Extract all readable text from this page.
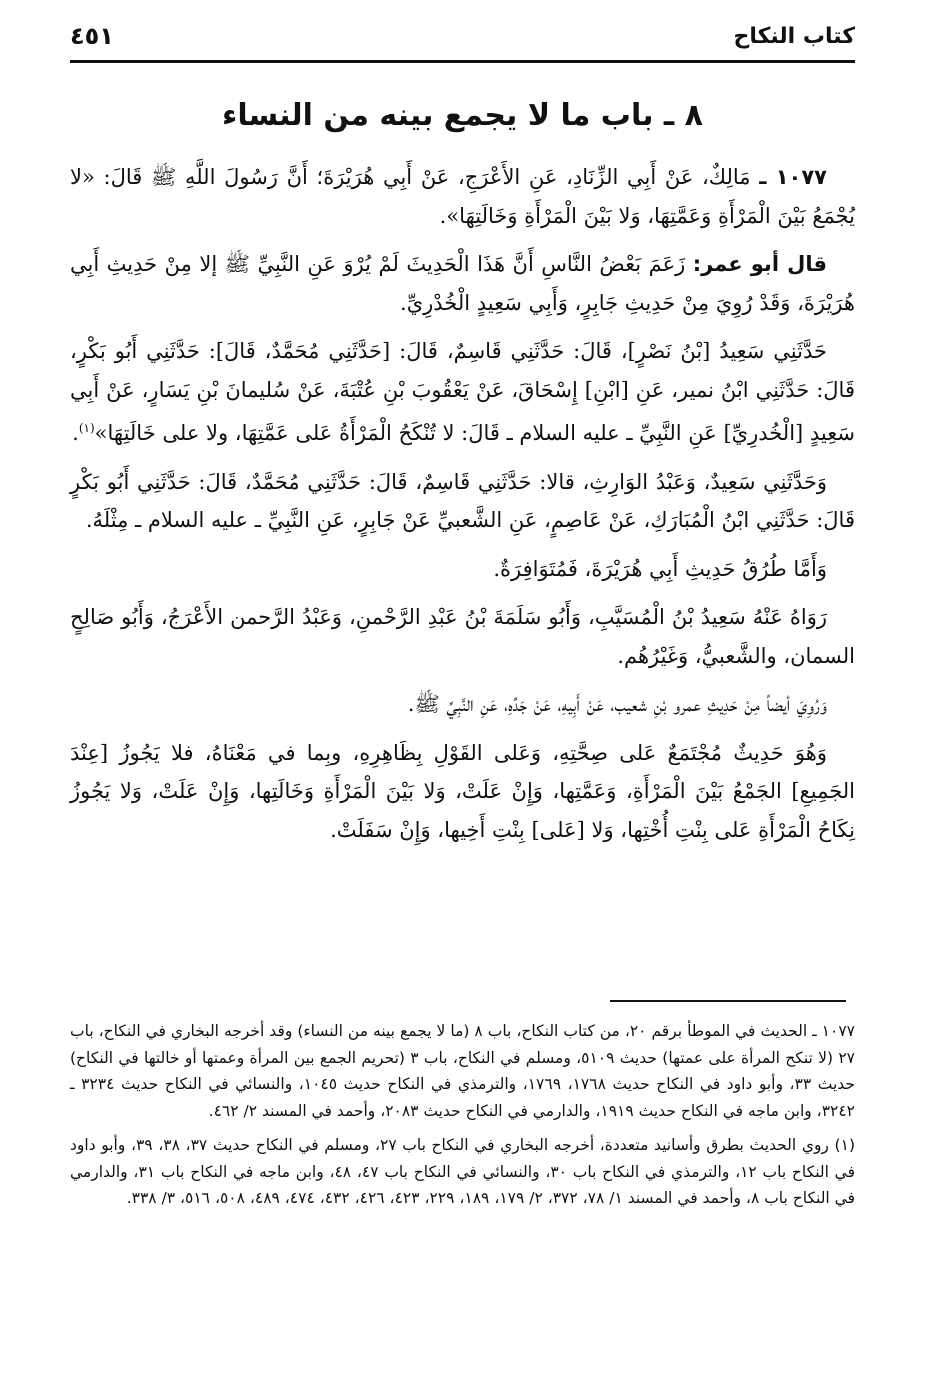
كتاب النكاح
٤٥١
٨ ـ باب ما لا يجمع بينه من النساء

١٠٧٧ ـ مَالِكٌ، عَنْ أَبِي الزِّنَادِ، عَنِ الأَعْرَجِ، عَنْ أَبِي هُرَيْرَةَ؛ أَنَّ رَسُولَ اللَّهِ ﷺ قَالَ: «لا يُجْمَعُ بَيْنَ الْمَرْأَةِ وَعَمَّتِهَا، وَلا بَيْنَ الْمَرْأَةِ وَخَالَتِهَا».

قال أبو عمر: زَعَمَ بَعْضُ النَّاسِ أَنَّ هَذَا الْحَدِيثَ لَمْ يُرْوَ عَنِ النَّبِيِّ ﷺ إلا مِنْ حَدِيثِ أَبِي هُرَيْرَةَ، وَقَدْ رُوِيَ مِنْ حَدِيثِ جَابِرٍ، وَأَبِي سَعِيدٍ الْخُدْرِيِّ.

حَدَّثَنِي سَعِيدُ [بْنُ نَصْرٍ]، قَالَ: حَدَّثَنِي قَاسِمٌ، قَالَ: [حَدَّثَنِي مُحَمَّدٌ، قَالَ]: حَدَّثَنِي أَبُو بَكْرٍ، قَالَ: حَدَّثَنِي ابْنُ نمير، عَنِ [ابْنِ] إِسْحَاقَ، عَنْ يَعْقُوبَ بْنِ عُتْبَةَ، عَنْ سُليمانَ بْنِ يَسَارٍ، عَنْ أَبِي سَعِيدٍ [الْخُدرِيِّ] عَنِ النَّبِيِّ ـ عليه السلام ـ قَالَ: لا تُنْكَحُ الْمَرْأَةُ عَلى عَمَّتِهَا، ولا على خَالَتِهَا»$^{(١)}$.

وَحَدَّثَنِي سَعِيدٌ، وَعَبْدُ الوَارِثِ، قالا: حَدَّثَنِي قَاسِمٌ، قَالَ: حَدَّثَنِي مُحَمَّدٌ، قَالَ: حَدَّثَنِي أَبُو بَكْرٍ قَالَ: حَدَّثَنِي ابْنُ الْمُبَارَكِ، عَنْ عَاصِمٍ، عَنِ الشَّعبيِّ عَنْ جَابِرٍ، عَنِ النَّبِيِّ ـ عليه السلام ـ مِثْلَهُ.

وَأَمَّا طُرُقُ حَدِيثِ أَبِي هُرَيْرَةَ، فَمُتَوَافِرَةٌ.

رَوَاهُ عَنْهُ سَعِيدُ بْنُ الْمُسَيَّبِ، وَأَبُو سَلَمَةَ بْنُ عَبْدِ الرَّحْمنِ، وَعَبْدُ الرَّحمن الأَعْرَجُ، وَأَبُو صَالِحٍ السمان، والشَّعبيُّ، وَغَيْرُهُم.

وَرُوِيَ أيضاً مِنْ حَدِيثِ عمرو بْنِ شعيب، عَنْ أَبِيهِ، عَنْ جَدِّهِ، عَنِ النَّبِيِّ ﷺ.

وَهُوَ حَدِيثٌ مُجْتَمَعٌ عَلى صِحَّتِهِ، وَعَلى القَوْلِ بِظَاهِرِهِ، وبِما في مَعْنَاهُ، فلا يَجُوزُ [عِنْدَ الجَمِيعِ] الجَمْعُ بَيْنَ الْمَرْأَةِ، وَعَمَّتِها، وَإِنْ عَلَتْ، وَلا بَيْنَ الْمَرْأَةِ وَخَالَتِها، وَإِنْ عَلَتْ، وَلا يَجُوزُ نِكَاحُ الْمَرْأَةِ عَلى بِنْتِ أُخْتِها، وَلا [عَلى] بِنْتِ أَخِيها، وَإِنْ سَفَلَتْ.

١٠٧٧ ـ الحديث في الموطأ برقم ٢٠، من كتاب النكاح، باب ٨ (ما لا يجمع بينه من النساء) وقد أخرجه البخاري في النكاح، باب ٢٧ (لا تنكح المرأة على عمتها) حديث ٥١٠٩، ومسلم في النكاح، باب ٣ (تحريم الجمع بين المرأة وعمتها أو خالتها في النكاح) حديث ٣٣، وأبو داود في النكاح حديث ١٧٦٨، ١٧٦٩، والترمذي في النكاح حديث ١٠٤٥، والنسائي في النكاح حديث ٣٢٣٤ ـ ٣٢٤٢، وابن ماجه في النكاح حديث ١٩١٩، والدارمي في النكاح حديث ٢٠٨٣، وأحمد في المسند ٢/ ٤٦٢.

(١) روي الحديث بطرق وأسانيد متعددة، أخرجه البخاري في النكاح باب ٢٧، ومسلم في النكاح حديث ٣٧، ٣٨، ٣٩، وأبو داود في النكاح باب ١٢، والترمذي في النكاح باب ٣٠، والنسائي في النكاح باب ٤٧، ٤٨، وابن ماجه في النكاح باب ٣١، والدارمي في النكاح باب ٨، وأحمد في المسند ١/ ٧٨، ٣٧٢، ٢/ ١٧٩، ١٨٩، ٢٢٩، ٤٢٣، ٤٢٦، ٤٣٢، ٤٧٤، ٤٨٩، ٥٠٨، ٥١٦، ٣/ ٣٣٨.
